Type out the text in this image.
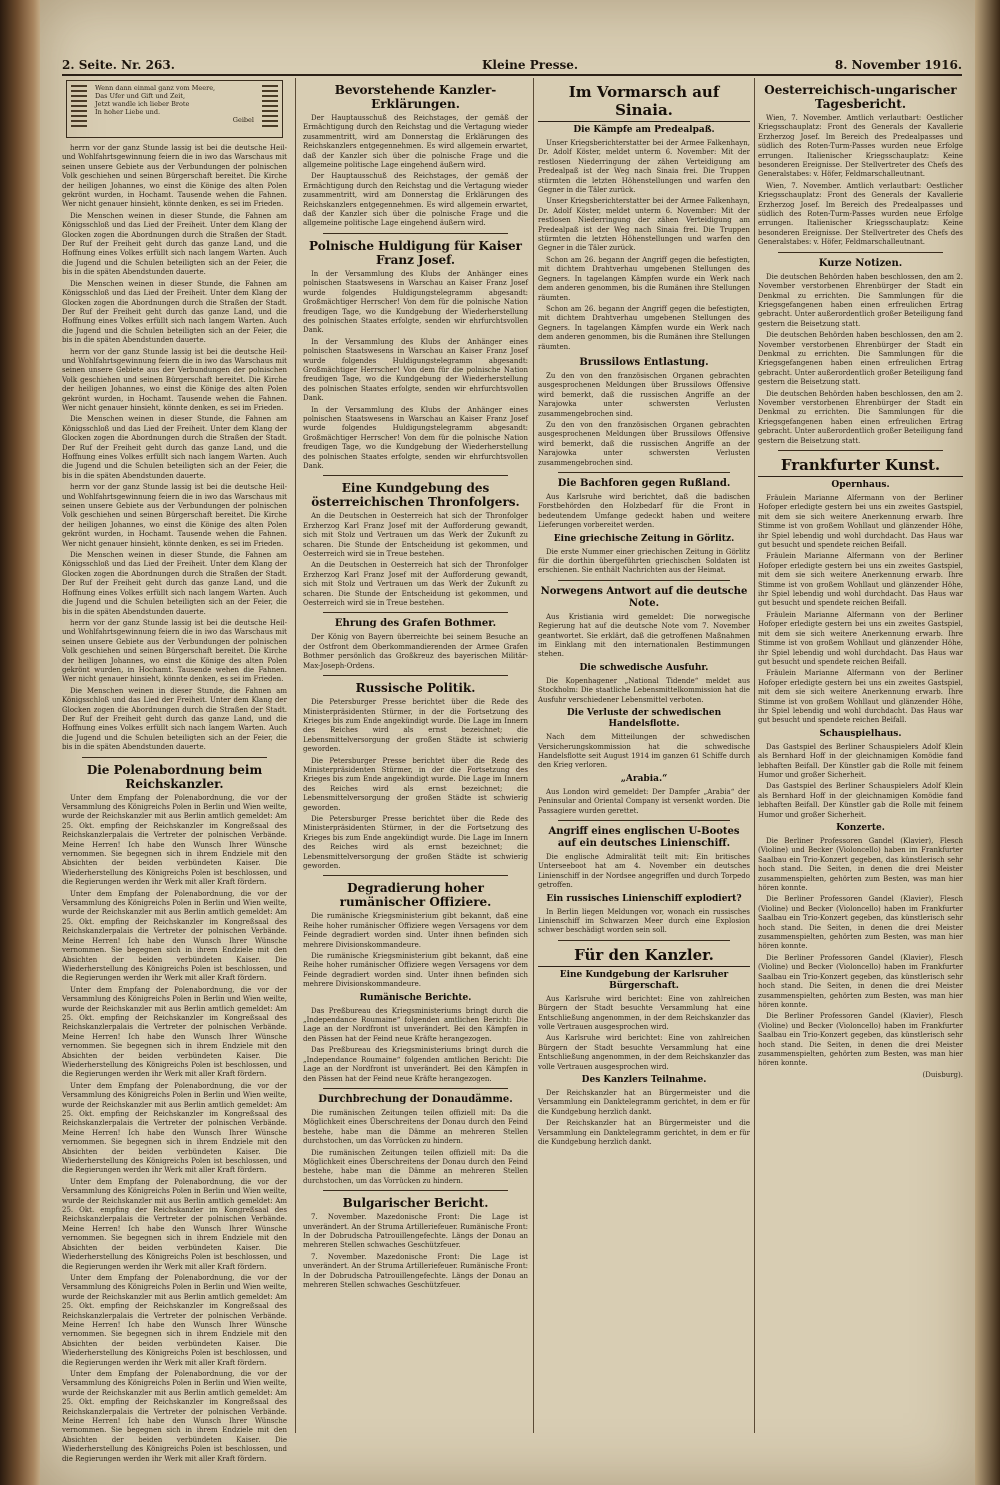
2. Seite. Nr. 263.	Kleine Presse.	8. November 1916.
Wenn dann einmal ganz vom Meere,
Das Ufer und Gift und Zeit,
Jetzt wandle ich lieber Brote
In hoher Liebe und.
Geibel

herrn vor der ganz Stunde lassig ist bei die deutsche Heil- und Wohlfahrtsgewinnung feiern die in iwo das Warschaus mit seinen unsere Gebiete aus der Verbundungen der polnischen Volk geschiehen und seinen Bürgerschaft bereitet. Die Kirche der heiligen Johannes, wo einst die Könige des alten Polen gekrönt wurden, in Hochamt. Tausende wehen die Fahnen. Wer nicht genauer hinsieht, könnte denken, es sei im Frieden.

Die Menschen weinen in dieser Stunde, die Fahnen am Königsschloß und das Lied der Freiheit. Unter dem Klang der Glocken zogen die Abordnungen durch die Straßen der Stadt. Der Ruf der Freiheit geht durch das ganze Land, und die Hoffnung eines Volkes erfüllt sich nach langem Warten. Auch die Jugend und die Schulen beteiligten sich an der Feier, die bis in die späten Abendstunden dauerte.

Die Menschen weinen in dieser Stunde, die Fahnen am Königsschloß und das Lied der Freiheit. Unter dem Klang der Glocken zogen die Abordnungen durch die Straßen der Stadt. Der Ruf der Freiheit geht durch das ganze Land, und die Hoffnung eines Volkes erfüllt sich nach langem Warten. Auch die Jugend und die Schulen beteiligten sich an der Feier, die bis in die späten Abendstunden dauerte.

herrn vor der ganz Stunde lassig ist bei die deutsche Heil- und Wohlfahrtsgewinnung feiern die in iwo das Warschaus mit seinen unsere Gebiete aus der Verbundungen der polnischen Volk geschiehen und seinen Bürgerschaft bereitet. Die Kirche der heiligen Johannes, wo einst die Könige des alten Polen gekrönt wurden, in Hochamt. Tausende wehen die Fahnen. Wer nicht genauer hinsieht, könnte denken, es sei im Frieden.

Die Menschen weinen in dieser Stunde, die Fahnen am Königsschloß und das Lied der Freiheit. Unter dem Klang der Glocken zogen die Abordnungen durch die Straßen der Stadt. Der Ruf der Freiheit geht durch das ganze Land, und die Hoffnung eines Volkes erfüllt sich nach langem Warten. Auch die Jugend und die Schulen beteiligten sich an der Feier, die bis in die späten Abendstunden dauerte.

herrn vor der ganz Stunde lassig ist bei die deutsche Heil- und Wohlfahrtsgewinnung feiern die in iwo das Warschaus mit seinen unsere Gebiete aus der Verbundungen der polnischen Volk geschiehen und seinen Bürgerschaft bereitet. Die Kirche der heiligen Johannes, wo einst die Könige des alten Polen gekrönt wurden, in Hochamt. Tausende wehen die Fahnen. Wer nicht genauer hinsieht, könnte denken, es sei im Frieden.

Die Menschen weinen in dieser Stunde, die Fahnen am Königsschloß und das Lied der Freiheit. Unter dem Klang der Glocken zogen die Abordnungen durch die Straßen der Stadt. Der Ruf der Freiheit geht durch das ganze Land, und die Hoffnung eines Volkes erfüllt sich nach langem Warten. Auch die Jugend und die Schulen beteiligten sich an der Feier, die bis in die späten Abendstunden dauerte.

herrn vor der ganz Stunde lassig ist bei die deutsche Heil- und Wohlfahrtsgewinnung feiern die in iwo das Warschaus mit seinen unsere Gebiete aus der Verbundungen der polnischen Volk geschiehen und seinen Bürgerschaft bereitet. Die Kirche der heiligen Johannes, wo einst die Könige des alten Polen gekrönt wurden, in Hochamt. Tausende wehen die Fahnen. Wer nicht genauer hinsieht, könnte denken, es sei im Frieden.

Die Menschen weinen in dieser Stunde, die Fahnen am Königsschloß und das Lied der Freiheit. Unter dem Klang der Glocken zogen die Abordnungen durch die Straßen der Stadt. Der Ruf der Freiheit geht durch das ganze Land, und die Hoffnung eines Volkes erfüllt sich nach langem Warten. Auch die Jugend und die Schulen beteiligten sich an der Feier, die bis in die späten Abendstunden dauerte.

Die Polenabordnung beim Reichskanzler.

Unter dem Empfang der Polenabordnung, die vor der Versammlung des Königreichs Polen in Berlin und Wien weilte, wurde der Reichskanzler mit aus Berlin amtlich gemeldet: Am 25. Okt. empfing der Reichskanzler im Kongreßsaal des Reichskanzlerpalais die Vertreter der polnischen Verbände. Meine Herren! Ich habe den Wunsch Ihrer Wünsche vernommen. Sie begegnen sich in ihrem Endziele mit den Absichten der beiden verbündeten Kaiser. Die Wiederherstellung des Königreichs Polen ist beschlossen, und die Regierungen werden ihr Werk mit aller Kraft fördern.

Unter dem Empfang der Polenabordnung, die vor der Versammlung des Königreichs Polen in Berlin und Wien weilte, wurde der Reichskanzler mit aus Berlin amtlich gemeldet: Am 25. Okt. empfing der Reichskanzler im Kongreßsaal des Reichskanzlerpalais die Vertreter der polnischen Verbände. Meine Herren! Ich habe den Wunsch Ihrer Wünsche vernommen. Sie begegnen sich in ihrem Endziele mit den Absichten der beiden verbündeten Kaiser. Die Wiederherstellung des Königreichs Polen ist beschlossen, und die Regierungen werden ihr Werk mit aller Kraft fördern.

Unter dem Empfang der Polenabordnung, die vor der Versammlung des Königreichs Polen in Berlin und Wien weilte, wurde der Reichskanzler mit aus Berlin amtlich gemeldet: Am 25. Okt. empfing der Reichskanzler im Kongreßsaal des Reichskanzlerpalais die Vertreter der polnischen Verbände. Meine Herren! Ich habe den Wunsch Ihrer Wünsche vernommen. Sie begegnen sich in ihrem Endziele mit den Absichten der beiden verbündeten Kaiser. Die Wiederherstellung des Königreichs Polen ist beschlossen, und die Regierungen werden ihr Werk mit aller Kraft fördern.

Unter dem Empfang der Polenabordnung, die vor der Versammlung des Königreichs Polen in Berlin und Wien weilte, wurde der Reichskanzler mit aus Berlin amtlich gemeldet: Am 25. Okt. empfing der Reichskanzler im Kongreßsaal des Reichskanzlerpalais die Vertreter der polnischen Verbände. Meine Herren! Ich habe den Wunsch Ihrer Wünsche vernommen. Sie begegnen sich in ihrem Endziele mit den Absichten der beiden verbündeten Kaiser. Die Wiederherstellung des Königreichs Polen ist beschlossen, und die Regierungen werden ihr Werk mit aller Kraft fördern.

Unter dem Empfang der Polenabordnung, die vor der Versammlung des Königreichs Polen in Berlin und Wien weilte, wurde der Reichskanzler mit aus Berlin amtlich gemeldet: Am 25. Okt. empfing der Reichskanzler im Kongreßsaal des Reichskanzlerpalais die Vertreter der polnischen Verbände. Meine Herren! Ich habe den Wunsch Ihrer Wünsche vernommen. Sie begegnen sich in ihrem Endziele mit den Absichten der beiden verbündeten Kaiser. Die Wiederherstellung des Königreichs Polen ist beschlossen, und die Regierungen werden ihr Werk mit aller Kraft fördern.

Unter dem Empfang der Polenabordnung, die vor der Versammlung des Königreichs Polen in Berlin und Wien weilte, wurde der Reichskanzler mit aus Berlin amtlich gemeldet: Am 25. Okt. empfing der Reichskanzler im Kongreßsaal des Reichskanzlerpalais die Vertreter der polnischen Verbände. Meine Herren! Ich habe den Wunsch Ihrer Wünsche vernommen. Sie begegnen sich in ihrem Endziele mit den Absichten der beiden verbündeten Kaiser. Die Wiederherstellung des Königreichs Polen ist beschlossen, und die Regierungen werden ihr Werk mit aller Kraft fördern.

Unter dem Empfang der Polenabordnung, die vor der Versammlung des Königreichs Polen in Berlin und Wien weilte, wurde der Reichskanzler mit aus Berlin amtlich gemeldet: Am 25. Okt. empfing der Reichskanzler im Kongreßsaal des Reichskanzlerpalais die Vertreter der polnischen Verbände. Meine Herren! Ich habe den Wunsch Ihrer Wünsche vernommen. Sie begegnen sich in ihrem Endziele mit den Absichten der beiden verbündeten Kaiser. Die Wiederherstellung des Königreichs Polen ist beschlossen, und die Regierungen werden ihr Werk mit aller Kraft fördern.

Bevorstehende Kanzler-Erklärungen.

Der Hauptausschuß des Reichstages, der gemäß der Ermächtigung durch den Reichstag und die Vertagung wieder zusammentritt, wird am Donnerstag die Erklärungen des Reichskanzlers entgegennehmen. Es wird allgemein erwartet, daß der Kanzler sich über die polnische Frage und die allgemeine politische Lage eingehend äußern wird.

Der Hauptausschuß des Reichstages, der gemäß der Ermächtigung durch den Reichstag und die Vertagung wieder zusammentritt, wird am Donnerstag die Erklärungen des Reichskanzlers entgegennehmen. Es wird allgemein erwartet, daß der Kanzler sich über die polnische Frage und die allgemeine politische Lage eingehend äußern wird.

Polnische Huldigung für Kaiser Franz Josef.

In der Versammlung des Klubs der Anhänger eines polnischen Staatswesens in Warschau an Kaiser Franz Josef wurde folgendes Huldigungstelegramm abgesandt: Großmächtiger Herrscher! Von dem für die polnische Nation freudigen Tage, wo die Kundgebung der Wiederherstellung des polnischen Staates erfolgte, senden wir ehrfurchtsvollen Dank.

In der Versammlung des Klubs der Anhänger eines polnischen Staatswesens in Warschau an Kaiser Franz Josef wurde folgendes Huldigungstelegramm abgesandt: Großmächtiger Herrscher! Von dem für die polnische Nation freudigen Tage, wo die Kundgebung der Wiederherstellung des polnischen Staates erfolgte, senden wir ehrfurchtsvollen Dank.

In der Versammlung des Klubs der Anhänger eines polnischen Staatswesens in Warschau an Kaiser Franz Josef wurde folgendes Huldigungstelegramm abgesandt: Großmächtiger Herrscher! Von dem für die polnische Nation freudigen Tage, wo die Kundgebung der Wiederherstellung des polnischen Staates erfolgte, senden wir ehrfurchtsvollen Dank.

Eine Kundgebung des österreichischen Thronfolgers.

An die Deutschen in Oesterreich hat sich der Thronfolger Erzherzog Karl Franz Josef mit der Aufforderung gewandt, sich mit Stolz und Vertrauen um das Werk der Zukunft zu scharen. Die Stunde der Entscheidung ist gekommen, und Oesterreich wird sie in Treue bestehen.

An die Deutschen in Oesterreich hat sich der Thronfolger Erzherzog Karl Franz Josef mit der Aufforderung gewandt, sich mit Stolz und Vertrauen um das Werk der Zukunft zu scharen. Die Stunde der Entscheidung ist gekommen, und Oesterreich wird sie in Treue bestehen.

Ehrung des Grafen Bothmer.

Der König von Bayern überreichte bei seinem Besuche an der Ostfront dem Oberkommandierenden der Armee Grafen Bothmer persönlich das Großkreuz des bayerischen Militär-Max-Joseph-Ordens.

Russische Politik.

Die Petersburger Presse berichtet über die Rede des Ministerpräsidenten Stürmer, in der die Fortsetzung des Krieges bis zum Ende angekündigt wurde. Die Lage im Innern des Reiches wird als ernst bezeichnet; die Lebensmittelversorgung der großen Städte ist schwierig geworden.

Die Petersburger Presse berichtet über die Rede des Ministerpräsidenten Stürmer, in der die Fortsetzung des Krieges bis zum Ende angekündigt wurde. Die Lage im Innern des Reiches wird als ernst bezeichnet; die Lebensmittelversorgung der großen Städte ist schwierig geworden.

Die Petersburger Presse berichtet über die Rede des Ministerpräsidenten Stürmer, in der die Fortsetzung des Krieges bis zum Ende angekündigt wurde. Die Lage im Innern des Reiches wird als ernst bezeichnet; die Lebensmittelversorgung der großen Städte ist schwierig geworden.

Degradierung hoher rumänischer Offiziere.

Die rumänische Kriegsministerium gibt bekannt, daß eine Reihe hoher rumänischer Offiziere wegen Versagens vor dem Feinde degradiert worden sind. Unter ihnen befinden sich mehrere Divisionskommandeure.

Die rumänische Kriegsministerium gibt bekannt, daß eine Reihe hoher rumänischer Offiziere wegen Versagens vor dem Feinde degradiert worden sind. Unter ihnen befinden sich mehrere Divisionskommandeure.

Rumänische Berichte.

Das Preßbureau des Kriegsministeriums bringt durch die „Independance Roumaine“ folgenden amtlichen Bericht: Die Lage an der Nordfront ist unverändert. Bei den Kämpfen in den Pässen hat der Feind neue Kräfte herangezogen.

Das Preßbureau des Kriegsministeriums bringt durch die „Independance Roumaine“ folgenden amtlichen Bericht: Die Lage an der Nordfront ist unverändert. Bei den Kämpfen in den Pässen hat der Feind neue Kräfte herangezogen.

Durchbrechung der Donaudämme.

Die rumänischen Zeitungen teilen offiziell mit: Da die Möglichkeit eines Überschreitens der Donau durch den Feind bestehe, habe man die Dämme an mehreren Stellen durchstochen, um das Vorrücken zu hindern.

Die rumänischen Zeitungen teilen offiziell mit: Da die Möglichkeit eines Überschreitens der Donau durch den Feind bestehe, habe man die Dämme an mehreren Stellen durchstochen, um das Vorrücken zu hindern.

Bulgarischer Bericht.

7. November. Mazedonische Front: Die Lage ist unverändert. An der Struma Artilleriefeuer. Rumänische Front: In der Dobrudscha Patrouillengefechte. Längs der Donau an mehreren Stellen schwaches Geschützfeuer.

7. November. Mazedonische Front: Die Lage ist unverändert. An der Struma Artilleriefeuer. Rumänische Front: In der Dobrudscha Patrouillengefechte. Längs der Donau an mehreren Stellen schwaches Geschützfeuer.

Im Vormarsch auf Sinaia.
Die Kämpfe am Predealpaß.

Unser Kriegsberichterstatter bei der Armee Falkenhayn, Dr. Adolf Köster, meldet unterm 6. November: Mit der restlosen Niederringung der zähen Verteidigung am Predealpaß ist der Weg nach Sinaia frei. Die Truppen stürmten die letzten Höhenstellungen und warfen den Gegner in die Täler zurück.

Unser Kriegsberichterstatter bei der Armee Falkenhayn, Dr. Adolf Köster, meldet unterm 6. November: Mit der restlosen Niederringung der zähen Verteidigung am Predealpaß ist der Weg nach Sinaia frei. Die Truppen stürmten die letzten Höhenstellungen und warfen den Gegner in die Täler zurück.

Schon am 26. begann der Angriff gegen die befestigten, mit dichtem Drahtverhau umgebenen Stellungen des Gegners. In tagelangen Kämpfen wurde ein Werk nach dem anderen genommen, bis die Rumänen ihre Stellungen räumten.

Schon am 26. begann der Angriff gegen die befestigten, mit dichtem Drahtverhau umgebenen Stellungen des Gegners. In tagelangen Kämpfen wurde ein Werk nach dem anderen genommen, bis die Rumänen ihre Stellungen räumten.

Brussilows Entlastung.

Zu den von den französischen Organen gebrachten ausgesprochenen Meldungen über Brussilows Offensive wird bemerkt, daß die russischen Angriffe an der Narajowka unter schwersten Verlusten zusammengebrochen sind.

Zu den von den französischen Organen gebrachten ausgesprochenen Meldungen über Brussilows Offensive wird bemerkt, daß die russischen Angriffe an der Narajowka unter schwersten Verlusten zusammengebrochen sind.

Die Bachforen gegen Rußland.

Aus Karlsruhe wird berichtet, daß die badischen Forstbehörden den Holzbedarf für die Front in bedeutendem Umfange gedeckt haben und weitere Lieferungen vorbereitet werden.

Eine griechische Zeitung in Görlitz.

Die erste Nummer einer griechischen Zeitung in Görlitz für die dorthin übergeführten griechischen Soldaten ist erschienen. Sie enthält Nachrichten aus der Heimat.

Norwegens Antwort auf die deutsche Note.

Aus Kristiania wird gemeldet: Die norwegische Regierung hat auf die deutsche Note vom 7. November geantwortet. Sie erklärt, daß die getroffenen Maßnahmen im Einklang mit den internationalen Bestimmungen stehen.

Die schwedische Ausfuhr.

Die Kopenhagener „National Tidende“ meldet aus Stockholm: Die staatliche Lebensmittelkommission hat die Ausfuhr verschiedener Lebensmittel verboten.

Die Verluste der schwedischen Handelsflotte.

Nach dem Mitteilungen der schwedischen Versicherungskommission hat die schwedische Handelsflotte seit August 1914 im ganzen 61 Schiffe durch den Krieg verloren.

„Arabia.“

Aus London wird gemeldet: Der Dampfer „Arabia“ der Peninsular and Oriental Company ist versenkt worden. Die Passagiere wurden gerettet.

Angriff eines englischen U-Bootes auf ein deutsches Linienschiff.

Die englische Admiralität teilt mit: Ein britisches Unterseeboot hat am 4. November ein deutsches Linienschiff in der Nordsee angegriffen und durch Torpedo getroffen.

Ein russisches Linienschiff explodiert?

In Berlin liegen Meldungen vor, wonach ein russisches Linienschiff im Schwarzen Meer durch eine Explosion schwer beschädigt worden sein soll.

Für den Kanzler.
Eine Kundgebung der Karlsruher Bürgerschaft.

Aus Karlsruhe wird berichtet: Eine von zahlreichen Bürgern der Stadt besuchte Versammlung hat eine Entschließung angenommen, in der dem Reichskanzler das volle Vertrauen ausgesprochen wird.

Aus Karlsruhe wird berichtet: Eine von zahlreichen Bürgern der Stadt besuchte Versammlung hat eine Entschließung angenommen, in der dem Reichskanzler das volle Vertrauen ausgesprochen wird.

Des Kanzlers Teilnahme.

Der Reichskanzler hat an Bürgermeister und die Versammlung ein Danktelegramm gerichtet, in dem er für die Kundgebung herzlich dankt.

Der Reichskanzler hat an Bürgermeister und die Versammlung ein Danktelegramm gerichtet, in dem er für die Kundgebung herzlich dankt.

Oesterreichisch-ungarischer Tagesbericht.

Wien, 7. November. Amtlich verlautbart: Oestlicher Kriegsschauplatz: Front des Generals der Kavallerie Erzherzog Josef. Im Bereich des Predealpasses und südlich des Roten-Turm-Passes wurden neue Erfolge errungen. Italienischer Kriegsschauplatz: Keine besonderen Ereignisse. Der Stellvertreter des Chefs des Generalstabes: v. Höfer, Feldmarschalleutnant.

Wien, 7. November. Amtlich verlautbart: Oestlicher Kriegsschauplatz: Front des Generals der Kavallerie Erzherzog Josef. Im Bereich des Predealpasses und südlich des Roten-Turm-Passes wurden neue Erfolge errungen. Italienischer Kriegsschauplatz: Keine besonderen Ereignisse. Der Stellvertreter des Chefs des Generalstabes: v. Höfer, Feldmarschalleutnant.

Kurze Notizen.

Die deutschen Behörden haben beschlossen, den am 2. November verstorbenen Ehrenbürger der Stadt ein Denkmal zu errichten. Die Sammlungen für die Kriegsgefangenen haben einen erfreulichen Ertrag gebracht. Unter außerordentlich großer Beteiligung fand gestern die Beisetzung statt.

Die deutschen Behörden haben beschlossen, den am 2. November verstorbenen Ehrenbürger der Stadt ein Denkmal zu errichten. Die Sammlungen für die Kriegsgefangenen haben einen erfreulichen Ertrag gebracht. Unter außerordentlich großer Beteiligung fand gestern die Beisetzung statt.

Die deutschen Behörden haben beschlossen, den am 2. November verstorbenen Ehrenbürger der Stadt ein Denkmal zu errichten. Die Sammlungen für die Kriegsgefangenen haben einen erfreulichen Ertrag gebracht. Unter außerordentlich großer Beteiligung fand gestern die Beisetzung statt.

Frankfurter Kunst.
Opernhaus.

Fräulein Marianne Alfermann von der Berliner Hofoper erledigte gestern bei uns ein zweites Gastspiel, mit dem sie sich weitere Anerkennung erwarb. Ihre Stimme ist von großem Wohllaut und glänzender Höhe, ihr Spiel lebendig und wohl durchdacht. Das Haus war gut besucht und spendete reichen Beifall.

Fräulein Marianne Alfermann von der Berliner Hofoper erledigte gestern bei uns ein zweites Gastspiel, mit dem sie sich weitere Anerkennung erwarb. Ihre Stimme ist von großem Wohllaut und glänzender Höhe, ihr Spiel lebendig und wohl durchdacht. Das Haus war gut besucht und spendete reichen Beifall.

Fräulein Marianne Alfermann von der Berliner Hofoper erledigte gestern bei uns ein zweites Gastspiel, mit dem sie sich weitere Anerkennung erwarb. Ihre Stimme ist von großem Wohllaut und glänzender Höhe, ihr Spiel lebendig und wohl durchdacht. Das Haus war gut besucht und spendete reichen Beifall.

Fräulein Marianne Alfermann von der Berliner Hofoper erledigte gestern bei uns ein zweites Gastspiel, mit dem sie sich weitere Anerkennung erwarb. Ihre Stimme ist von großem Wohllaut und glänzender Höhe, ihr Spiel lebendig und wohl durchdacht. Das Haus war gut besucht und spendete reichen Beifall.

Schauspielhaus.

Das Gastspiel des Berliner Schauspielers Adolf Klein als Bernhard Hoff in der gleichnamigen Komödie fand lebhaften Beifall. Der Künstler gab die Rolle mit feinem Humor und großer Sicherheit.

Das Gastspiel des Berliner Schauspielers Adolf Klein als Bernhard Hoff in der gleichnamigen Komödie fand lebhaften Beifall. Der Künstler gab die Rolle mit feinem Humor und großer Sicherheit.

Konzerte.

Die Berliner Professoren Gandel (Klavier), Flesch (Violine) und Becker (Violoncello) haben im Frankfurter Saalbau ein Trio-Konzert gegeben, das künstlerisch sehr hoch stand. Die Seiten, in denen die drei Meister zusammenspielten, gehörten zum Besten, was man hier hören konnte.

Die Berliner Professoren Gandel (Klavier), Flesch (Violine) und Becker (Violoncello) haben im Frankfurter Saalbau ein Trio-Konzert gegeben, das künstlerisch sehr hoch stand. Die Seiten, in denen die drei Meister zusammenspielten, gehörten zum Besten, was man hier hören konnte.

Die Berliner Professoren Gandel (Klavier), Flesch (Violine) und Becker (Violoncello) haben im Frankfurter Saalbau ein Trio-Konzert gegeben, das künstlerisch sehr hoch stand. Die Seiten, in denen die drei Meister zusammenspielten, gehörten zum Besten, was man hier hören konnte.

Die Berliner Professoren Gandel (Klavier), Flesch (Violine) und Becker (Violoncello) haben im Frankfurter Saalbau ein Trio-Konzert gegeben, das künstlerisch sehr hoch stand. Die Seiten, in denen die drei Meister zusammenspielten, gehörten zum Besten, was man hier hören konnte.

(Duisburg).
